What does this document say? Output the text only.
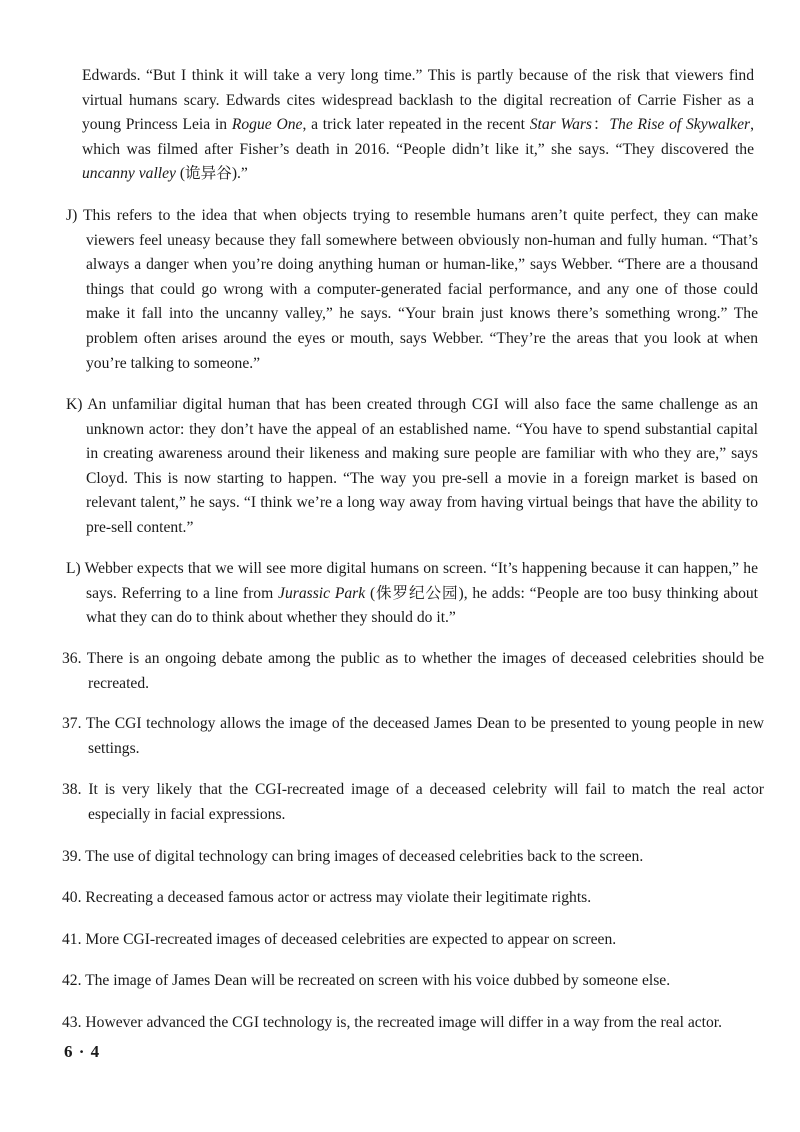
Edwards. “But I think it will take a very long time.” This is partly because of the risk that viewers find virtual humans scary. Edwards cites widespread backlash to the digital recreation of Carrie Fisher as a young Princess Leia in Rogue One, a trick later repeated in the recent Star Wars：The Rise of Skywalker, which was filmed after Fisher’s death in 2016. “People didn’t like it,” she says. “They discovered the uncanny valley (诡异谷).”
J) This refers to the idea that when objects trying to resemble humans aren’t quite perfect, they can make viewers feel uneasy because they fall somewhere between obviously non-human and fully human. “That’s always a danger when you’re doing anything human or human-like,” says Webber. “There are a thousand things that could go wrong with a computer-generated facial performance, and any one of those could make it fall into the uncanny valley,” he says. “Your brain just knows there’s something wrong.” The problem often arises around the eyes or mouth, says Webber. “They’re the areas that you look at when you’re talking to someone.”
K) An unfamiliar digital human that has been created through CGI will also face the same challenge as an unknown actor: they don’t have the appeal of an established name. “You have to spend substantial capital in creating awareness around their likeness and making sure people are familiar with who they are,” says Cloyd. This is now starting to happen. “The way you pre-sell a movie in a foreign market is based on relevant talent,” he says. “I think we’re a long way away from having virtual beings that have the ability to pre-sell content.”
L) Webber expects that we will see more digital humans on screen. “It’s happening because it can happen,” he says. Referring to a line from Jurassic Park (侏罗纪公园), he adds: “People are too busy thinking about what they can do to think about whether they should do it.”
36. There is an ongoing debate among the public as to whether the images of deceased celebrities should be recreated.
37. The CGI technology allows the image of the deceased James Dean to be presented to young people in new settings.
38. It is very likely that the CGI-recreated image of a deceased celebrity will fail to match the real actor especially in facial expressions.
39. The use of digital technology can bring images of deceased celebrities back to the screen.
40. Recreating a deceased famous actor or actress may violate their legitimate rights.
41. More CGI-recreated images of deceased celebrities are expected to appear on screen.
42. The image of James Dean will be recreated on screen with his voice dubbed by someone else.
43. However advanced the CGI technology is, the recreated image will differ in a way from the real actor.
6 · 4
